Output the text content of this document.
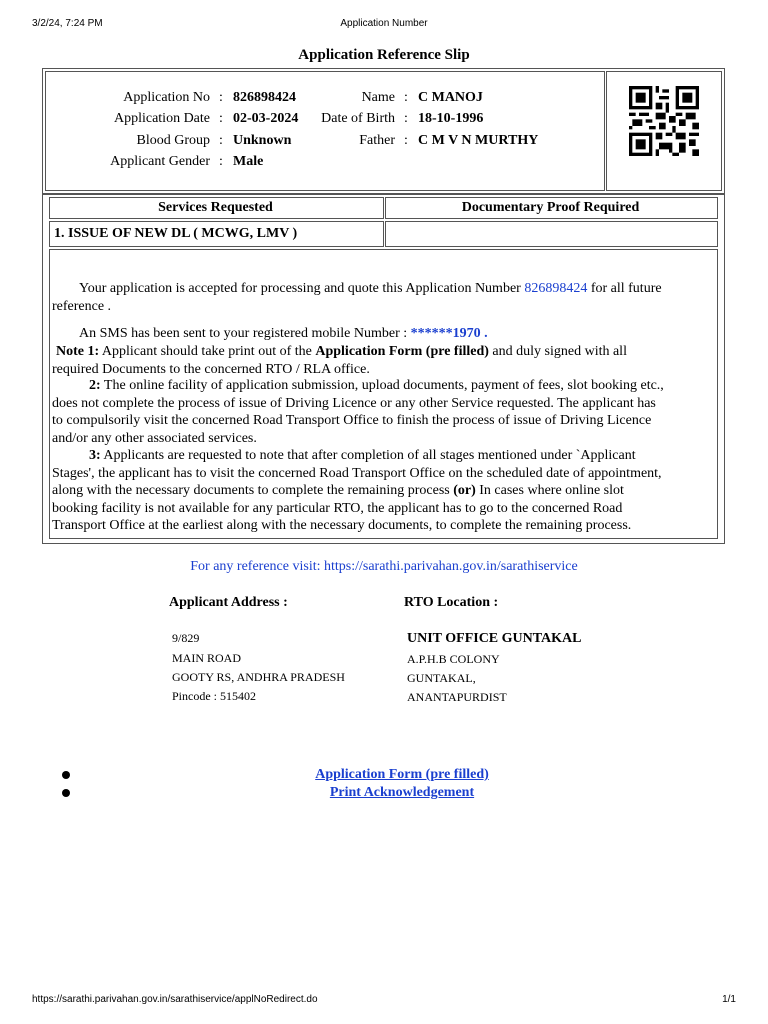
3/2/24, 7:24 PM	Application Number
Application Reference Slip
Application No : 826898424
Application Date : 02-03-2024
Blood Group : Unknown
Applicant Gender : Male
Name : C MANOJ
Date of Birth : 18-10-1996
Father : C M V N MURTHY
Services Requested	Documentary Proof Required
1. ISSUE OF NEW DL ( MCWG, LMV )
Your application is accepted for processing and quote this Application Number 826898424 for all future
reference .
An SMS has been sent to your registered mobile Number : ******1970 .
Note 1: Applicant should take print out of the Application Form (pre filled) and duly signed with all
required Documents to the concerned RTO / RLA office.
2: The online facility of application submission, upload documents, payment of fees, slot booking etc.,
does not complete the process of issue of Driving Licence or any other Service requested. The applicant has
to compulsorily visit the concerned Road Transport Office to finish the process of issue of Driving Licence
and/or any other associated services.
3: Applicants are requested to note that after completion of all stages mentioned under `Applicant
Stages', the applicant has to visit the concerned Road Transport Office on the scheduled date of appointment,
along with the necessary documents to complete the remaining process (or) In cases where online slot
booking facility is not available for any particular RTO, the applicant has to go to the concerned Road
Transport Office at the earliest along with the necessary documents, to complete the remaining process.
For any reference visit: https://sarathi.parivahan.gov.in/sarathiservice
Applicant Address :
9/829
MAIN ROAD
GOOTY RS, ANDHRA PRADESH
Pincode : 515402
RTO Location :
UNIT OFFICE GUNTAKAL
A.P.H.B COLONY
GUNTAKAL,
ANANTAPURDIST
Application Form (pre filled)
Print Acknowledgement
https://sarathi.parivahan.gov.in/sarathiservice/applNoRedirect.do	1/1
